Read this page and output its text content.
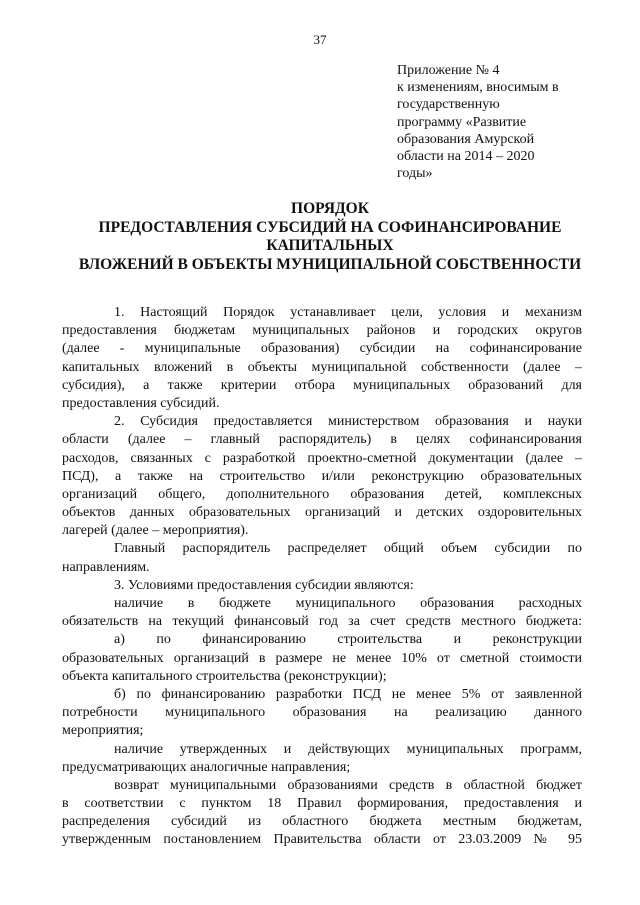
37
Приложение № 4
к изменениям, вносимым в
государственную
программу «Развитие
образования Амурской
области на 2014 – 2020
годы»
ПОРЯДОК
ПРЕДОСТАВЛЕНИЯ СУБСИДИЙ НА СОФИНАНСИРОВАНИЕ
КАПИТАЛЬНЫХ
ВЛОЖЕНИЙ В ОБЪЕКТЫ МУНИЦИПАЛЬНОЙ СОБСТВЕННОСТИ
1. Настоящий Порядок устанавливает цели, условия и механизм
предоставления бюджетам муниципальных районов и городских округов
(далее - муниципальные образования) субсидии на софинансирование
капитальных вложений в объекты муниципальной собственности (далее –
субсидия), а также критерии отбора муниципальных образований для
предоставления субсидий.
2. Субсидия предоставляется министерством образования и науки
области (далее – главный распорядитель) в целях софинансирования
расходов, связанных с разработкой проектно-сметной документации (далее –
ПСД), а также на строительство и/или реконструкцию образовательных
организаций общего, дополнительного образования детей, комплексных
объектов данных образовательных организаций и детских оздоровительных
лагерей (далее – мероприятия).
Главный распорядитель распределяет общий объем субсидии по
направлениям.
3. Условиями предоставления субсидии являются:
наличие в бюджете муниципального образования расходных
обязательств на текущий финансовый год за счет средств местного бюджета:
а) по финансированию строительства и реконструкции
образовательных организаций в размере не менее 10% от сметной стоимости
объекта капитального строительства (реконструкции);
б) по финансированию разработки ПСД не менее 5% от заявленной
потребности муниципального образования на реализацию данного
мероприятия;
наличие утвержденных и действующих муниципальных программ,
предусматривающих аналогичные направления;
возврат муниципальными образованиями средств в областной бюджет
в соответствии с пунктом 18 Правил формирования, предоставления и
распределения субсидий из областного бюджета местным бюджетам,
утвержденным постановлением Правительства области от 23.03.2009 № 95
